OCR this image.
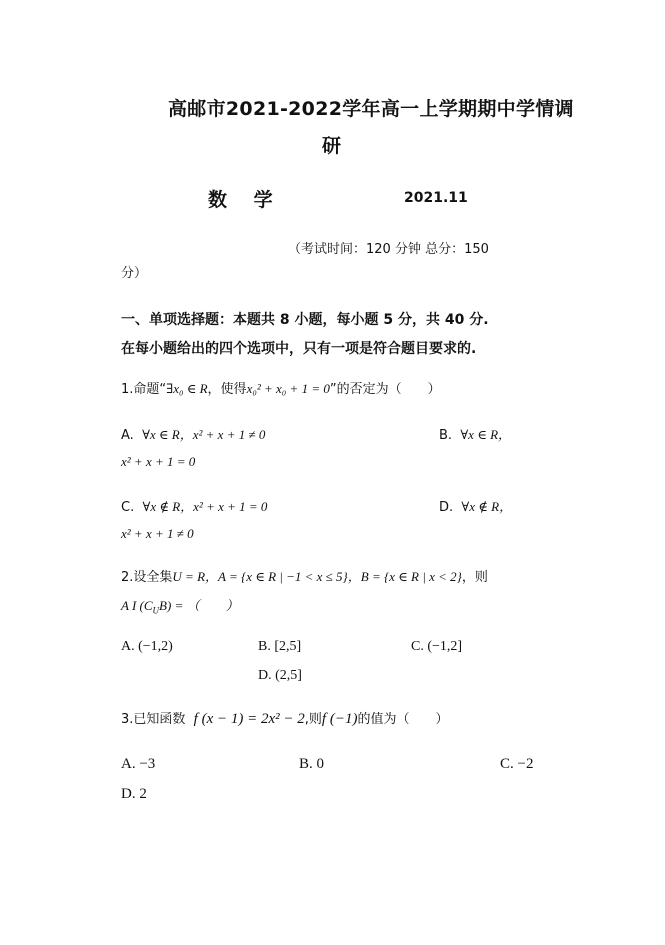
高邮市2021-2022学年高一上学期期中学情调
研
数 学	2021.11
（考试时间：120 分钟 总分：150
分）
一、单项选择题：本题共 8 小题，每小题 5 分，共 40 分.
在每小题给出的四个选项中，只有一项是符合题目要求的.
1.命题“∃x₀ ∈ R，使得x₀² + x₀ + 1 = 0”的否定为（　　）
A. ∀x ∈ R，x² + x + 1 ≠ 0	B. ∀x ∈ R，
x² + x + 1 = 0
C. ∀x ∉ R，x² + x + 1 = 0	D. ∀x ∉ R，
x² + x + 1 ≠ 0
2.设全集U = R，A = {x ∈ R | −1 < x ≤ 5}，B = {x ∈ R | x < 2}，则
A I $(C_UB)$ = （　　）
A. (−1,2)	B. [2,5]	C. (−1,2]
D. (2,5]
3.已知函数 f (x − 1) = 2x² − 2,则f (−1)的值为（　　）
A. −3	B. 0	C. −2
D. 2
